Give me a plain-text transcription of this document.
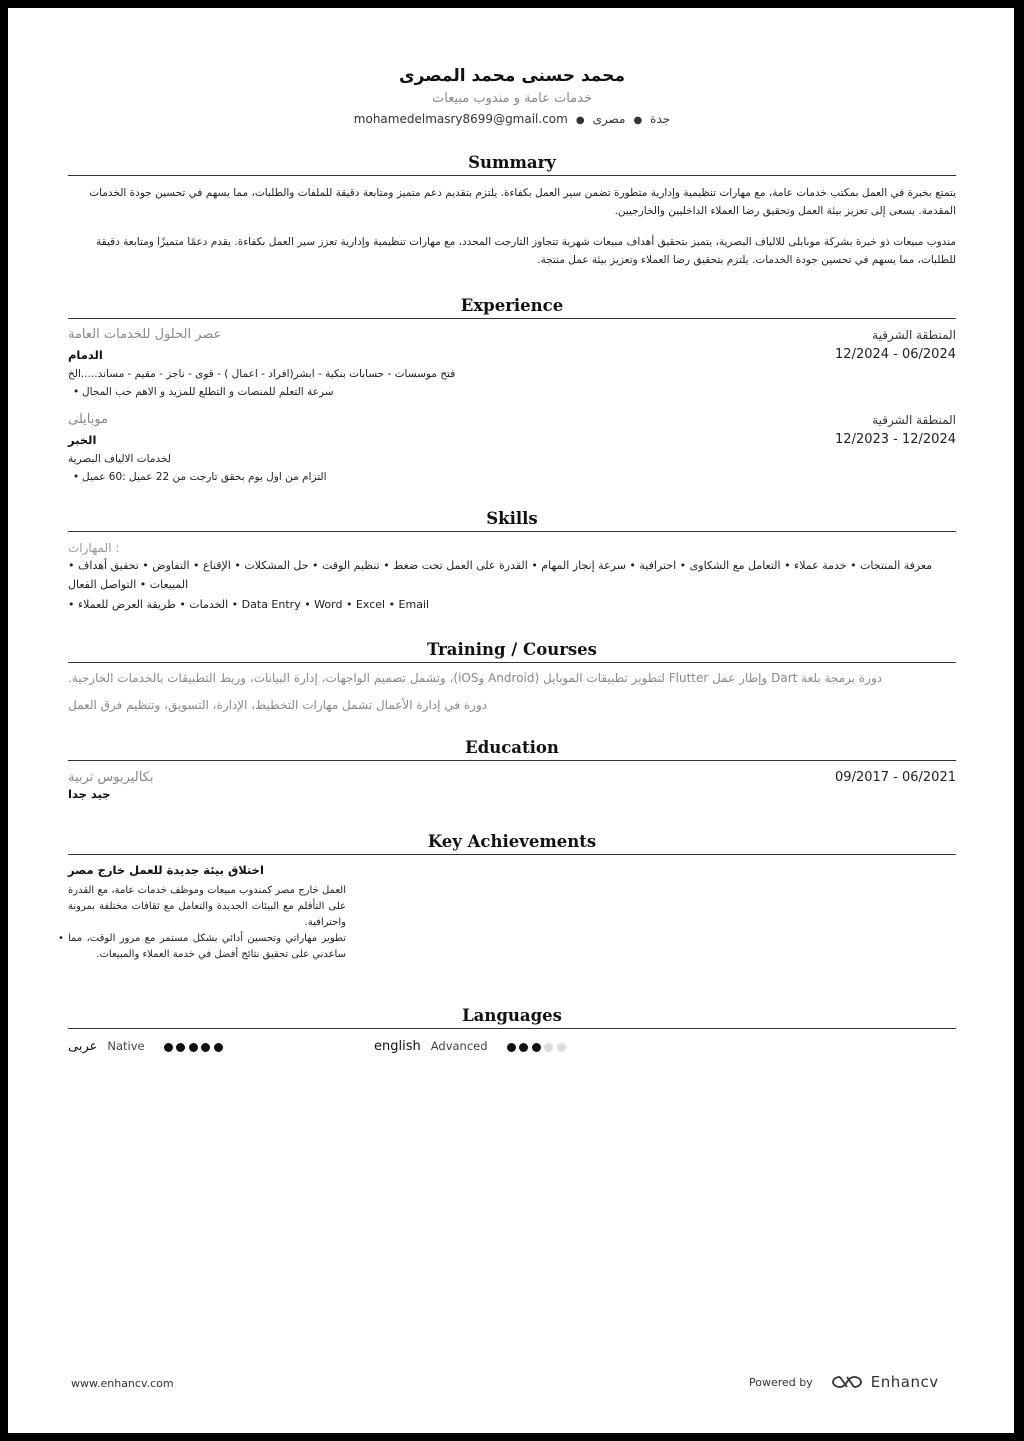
محمد حسنى محمد المصرى
خدمات عامة و مندوب مبيعات
mohamedelmasry8699@gmail.com ●	جدة●مصرى
Summary
يتمتع بخبرة في العمل بمكتب خدمات عامة، مع مهارات تنظيمية وإدارية متطورة تضمن سير العمل بكفاءة. يلتزم بتقديم دعم متميز ومتابعة دقيقة للملفات والطلبات، مما يسهم في تحسين جودة الخدمات المقدمة. يسعى إلى تعزيز بيئة العمل وتحقيق رضا العملاء الداخليين والخارجيين.
مندوب مبيعات ذو خبرة بشركة موبايلى للالياف البصرية، يتميز بتحقيق أهداف مبيعات شهرية تتجاوز التارجت المحدد، مع مهارات تنظيمية وإدارية تعزز سير العمل بكفاءة. يقدم دعمًا متميزًا ومتابعة دقيقة للطلبات، مما يسهم في تحسين جودة الخدمات. يلتزم بتحقيق رضا العملاء وتعزيز بيئة عمل منتجة.
Experience
عصر الحلول للخدمات العامة	المنطقة الشرقية
الدمام	12/2024 - 06/2024
فتح موسسات - حسابات بنكية - ابشر(افراد - اعمال ) - قوى - ناجز - مقيم - مساند.....الخ
• سرعة التعلم للمنصات و التطلع للمزيد و الاهم حب المجال
موبايلى	المنطقة الشرقية
الخبر	12/2023 - 12/2024
لخدمات الالياف البصرية
• التزام من اول يوم بحقق تارجت من 22 عميل :60 عميل
Skills
المهارات :
• معرفة المنتجات • خدمة عملاء • التعامل مع الشكاوى • احترافية • سرعة إنجاز المهام • القدرة على العمل تحت ضغط • تنظيم الوقت • حل المشكلات • الإقناع • التفاوض • تحقيق أهداف المبيعات • التواصل الفعال
• الخدمات • طريقة العرض للعملاء • Data Entry • Word • Excel • Email
Training / Courses
دورة برمجة بلغة Dart وإطار عمل Flutter لتطوير تطبيقات الموبايل (Android وiOS)، وتشمل تصميم الواجهات، إدارة البيانات، وربط التطبيقات بالخدمات الخارجية.
دورة في إدارة الأعمال تشمل مهارات التخطيط، الإدارة، التسويق، وتنظيم فرق العمل
Education
بكاليريوس تربية	09/2017 - 06/2021
جيد جدا
Key Achievements
اختلاق بيئة جديدة للعمل خارج مصر
العمل خارج مصر كمندوب مبيعات وموظف خدمات عامة، مع القدرة على التأقلم مع البيئات الجديدة والتعامل مع ثقافات مختلفة بمرونة واحترافية.
تطوير مهاراتي وتحسين أدائي بشكل مستمر مع مرور الوقت، مما ساعدني على تحقيق نتائج أفضل في خدمة العملاء والمبيعات. •
Languages
عربى Native	english Advanced
www.enhancv.com	Powered by	Enhancv
